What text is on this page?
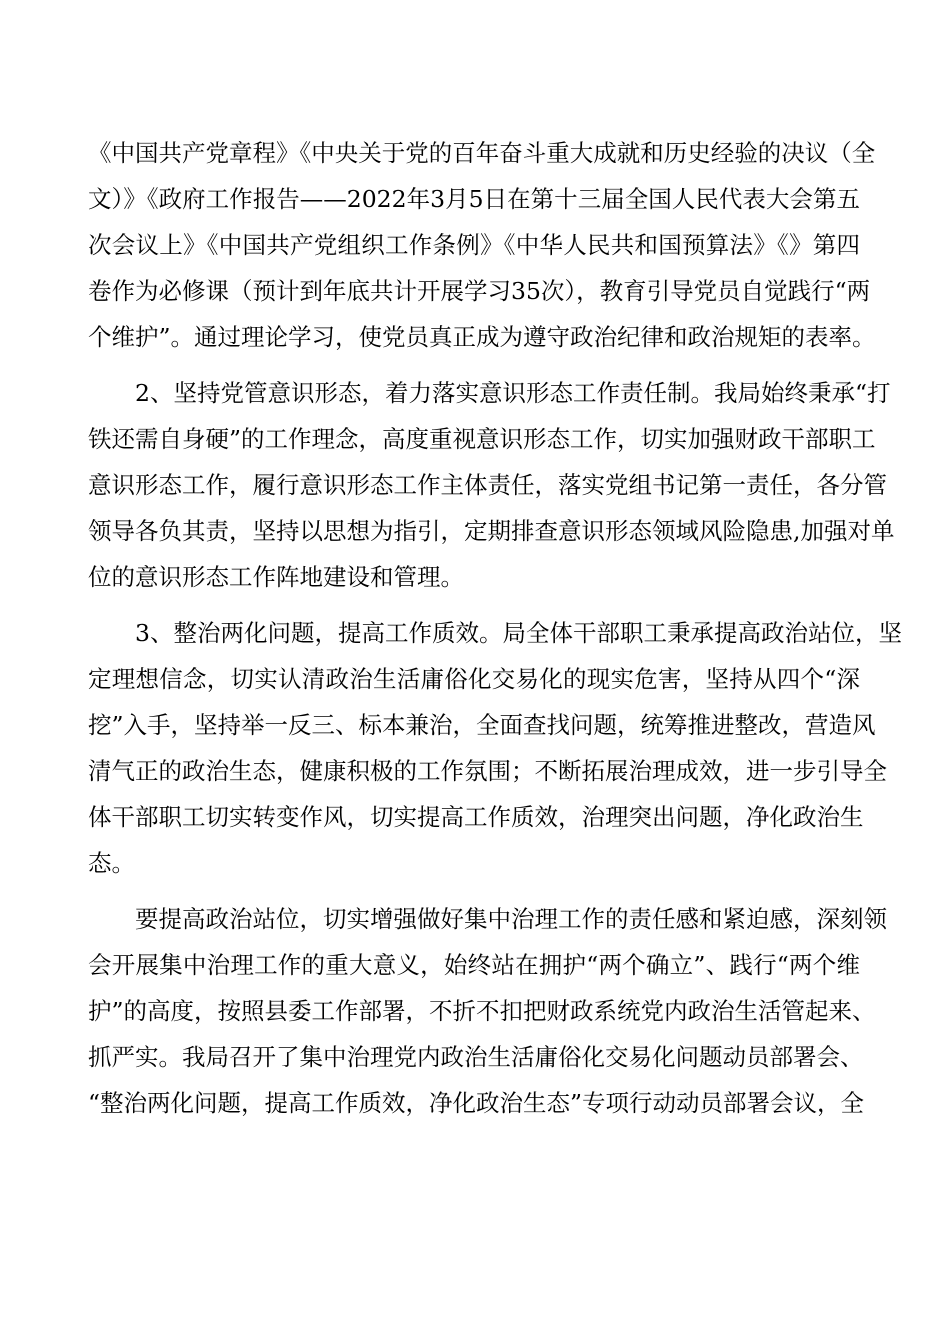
《中国共产党章程》《中央关于党的百年奋斗重大成就和历史经验的决议（全
文）》《政府工作报告——2022年3月5日在第十三届全国人民代表大会第五
次会议上》《中国共产党组织工作条例》《中华人民共和国预算法》《》第四
卷作为必修课（预计到年底共计开展学习35次），教育引导党员自觉践行“两
个维护”。通过理论学习，使党员真正成为遵守政治纪律和政治规矩的表率。
2、坚持党管意识形态，着力落实意识形态工作责任制。我局始终秉承“打
铁还需自身硬”的工作理念，高度重视意识形态工作，切实加强财政干部职工
意识形态工作，履行意识形态工作主体责任，落实党组书记第一责任，各分管
领导各负其责，坚持以思想为指引，定期排查意识形态领域风险隐患,加强对单
位的意识形态工作阵地建设和管理。
3、整治两化问题，提高工作质效。局全体干部职工秉承提高政治站位，坚
定理想信念，切实认清政治生活庸俗化交易化的现实危害，坚持从四个“深
挖”入手，坚持举一反三、标本兼治，全面查找问题，统筹推进整改，营造风
清气正的政治生态，健康积极的工作氛围；不断拓展治理成效，进一步引导全
体干部职工切实转变作风，切实提高工作质效，治理突出问题，净化政治生
态。
要提高政治站位，切实增强做好集中治理工作的责任感和紧迫感，深刻领
会开展集中治理工作的重大意义，始终站在拥护“两个确立”、践行“两个维
护”的高度，按照县委工作部署，不折不扣把财政系统党内政治生活管起来、
抓严实。我局召开了集中治理党内政治生活庸俗化交易化问题动员部署会、
“整治两化问题，提高工作质效，净化政治生态”专项行动动员部署会议，全
